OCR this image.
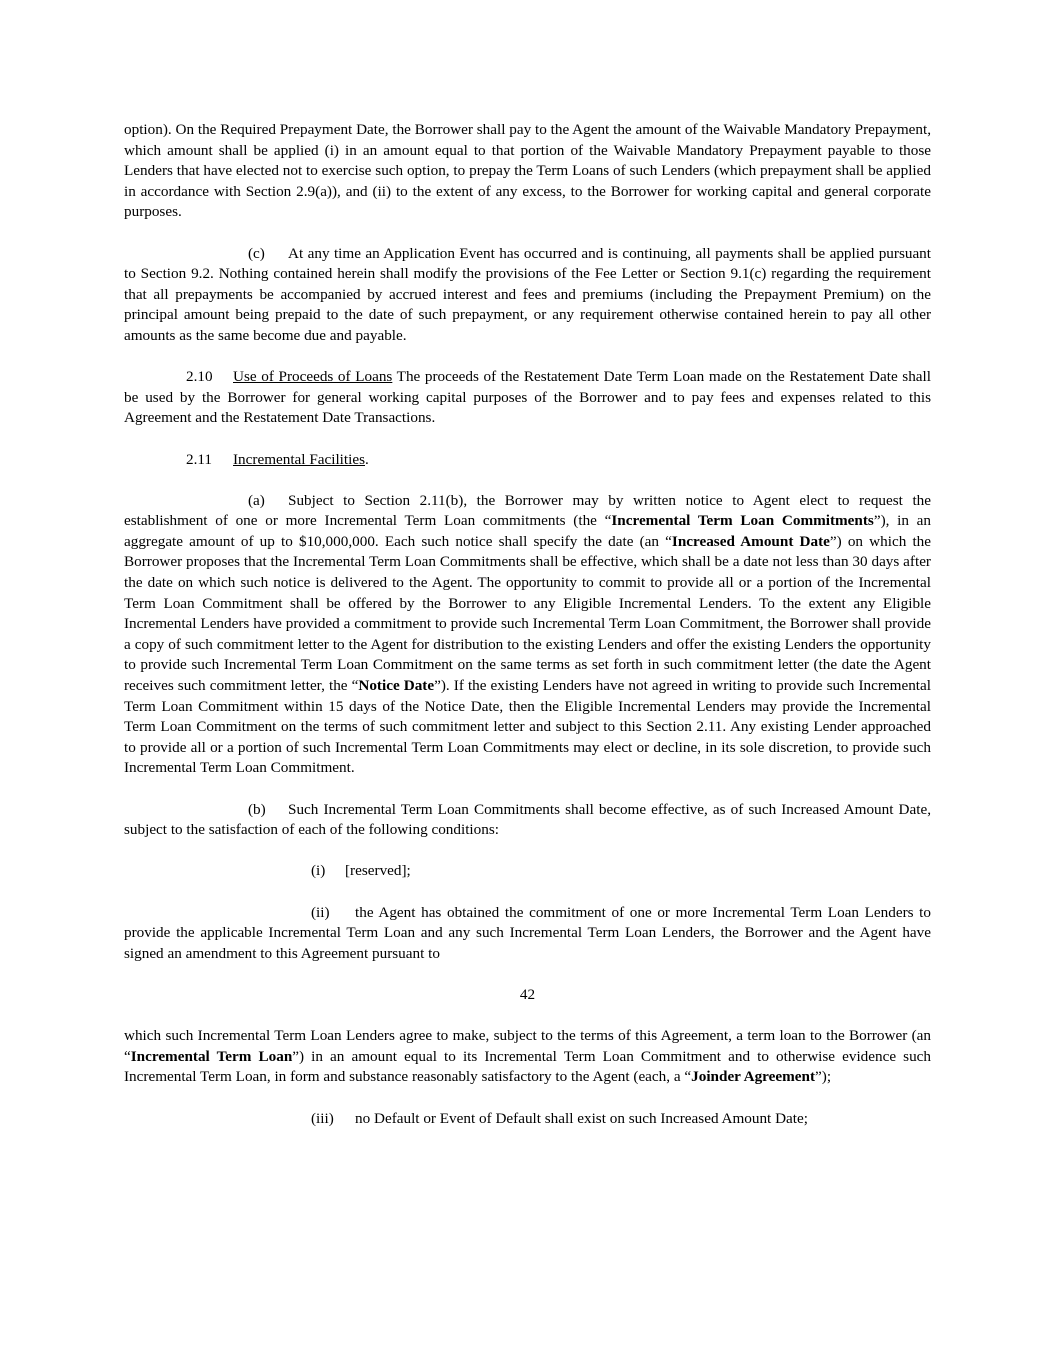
option). On the Required Prepayment Date, the Borrower shall pay to the Agent the amount of the Waivable Mandatory Prepayment, which amount shall be applied (i) in an amount equal to that portion of the Waivable Mandatory Prepayment payable to those Lenders that have elected not to exercise such option, to prepay the Term Loans of such Lenders (which prepayment shall be applied in accordance with Section 2.9(a)), and (ii) to the extent of any excess, to the Borrower for working capital and general corporate purposes.

(c) At any time an Application Event has occurred and is continuing, all payments shall be applied pursuant to Section 9.2. Nothing contained herein shall modify the provisions of the Fee Letter or Section 9.1(c) regarding the requirement that all prepayments be accompanied by accrued interest and fees and premiums (including the Prepayment Premium) on the principal amount being prepaid to the date of such prepayment, or any requirement otherwise contained herein to pay all other amounts as the same become due and payable.

2.10 Use of Proceeds of Loans The proceeds of the Restatement Date Term Loan made on the Restatement Date shall be used by the Borrower for general working capital purposes of the Borrower and to pay fees and expenses related to this Agreement and the Restatement Date Transactions.

2.11 Incremental Facilities.

(a) Subject to Section 2.11(b), the Borrower may by written notice to Agent elect to request the establishment of one or more Incremental Term Loan commitments (the “Incremental Term Loan Commitments”), in an aggregate amount of up to $10,000,000. Each such notice shall specify the date (an “Increased Amount Date”) on which the Borrower proposes that the Incremental Term Loan Commitments shall be effective, which shall be a date not less than 30 days after the date on which such notice is delivered to the Agent. The opportunity to commit to provide all or a portion of the Incremental Term Loan Commitment shall be offered by the Borrower to any Eligible Incremental Lenders. To the extent any Eligible Incremental Lenders have provided a commitment to provide such Incremental Term Loan Commitment, the Borrower shall provide a copy of such commitment letter to the Agent for distribution to the existing Lenders and offer the existing Lenders the opportunity to provide such Incremental Term Loan Commitment on the same terms as set forth in such commitment letter (the date the Agent receives such commitment letter, the “Notice Date”). If the existing Lenders have not agreed in writing to provide such Incremental Term Loan Commitment within 15 days of the Notice Date, then the Eligible Incremental Lenders may provide the Incremental Term Loan Commitment on the terms of such commitment letter and subject to this Section 2.11. Any existing Lender approached to provide all or a portion of such Incremental Term Loan Commitments may elect or decline, in its sole discretion, to provide such Incremental Term Loan Commitment.

(b) Such Incremental Term Loan Commitments shall become effective, as of such Increased Amount Date, subject to the satisfaction of each of the following conditions:

(i) [reserved];

(ii) the Agent has obtained the commitment of one or more Incremental Term Loan Lenders to provide the applicable Incremental Term Loan and any such Incremental Term Loan Lenders, the Borrower and the Agent have signed an amendment to this Agreement pursuant to

42

which such Incremental Term Loan Lenders agree to make, subject to the terms of this Agreement, a term loan to the Borrower (an “Incremental Term Loan”) in an amount equal to its Incremental Term Loan Commitment and to otherwise evidence such Incremental Term Loan, in form and substance reasonably satisfactory to the Agent (each, a “Joinder Agreement”);

(iii) no Default or Event of Default shall exist on such Increased Amount Date;
